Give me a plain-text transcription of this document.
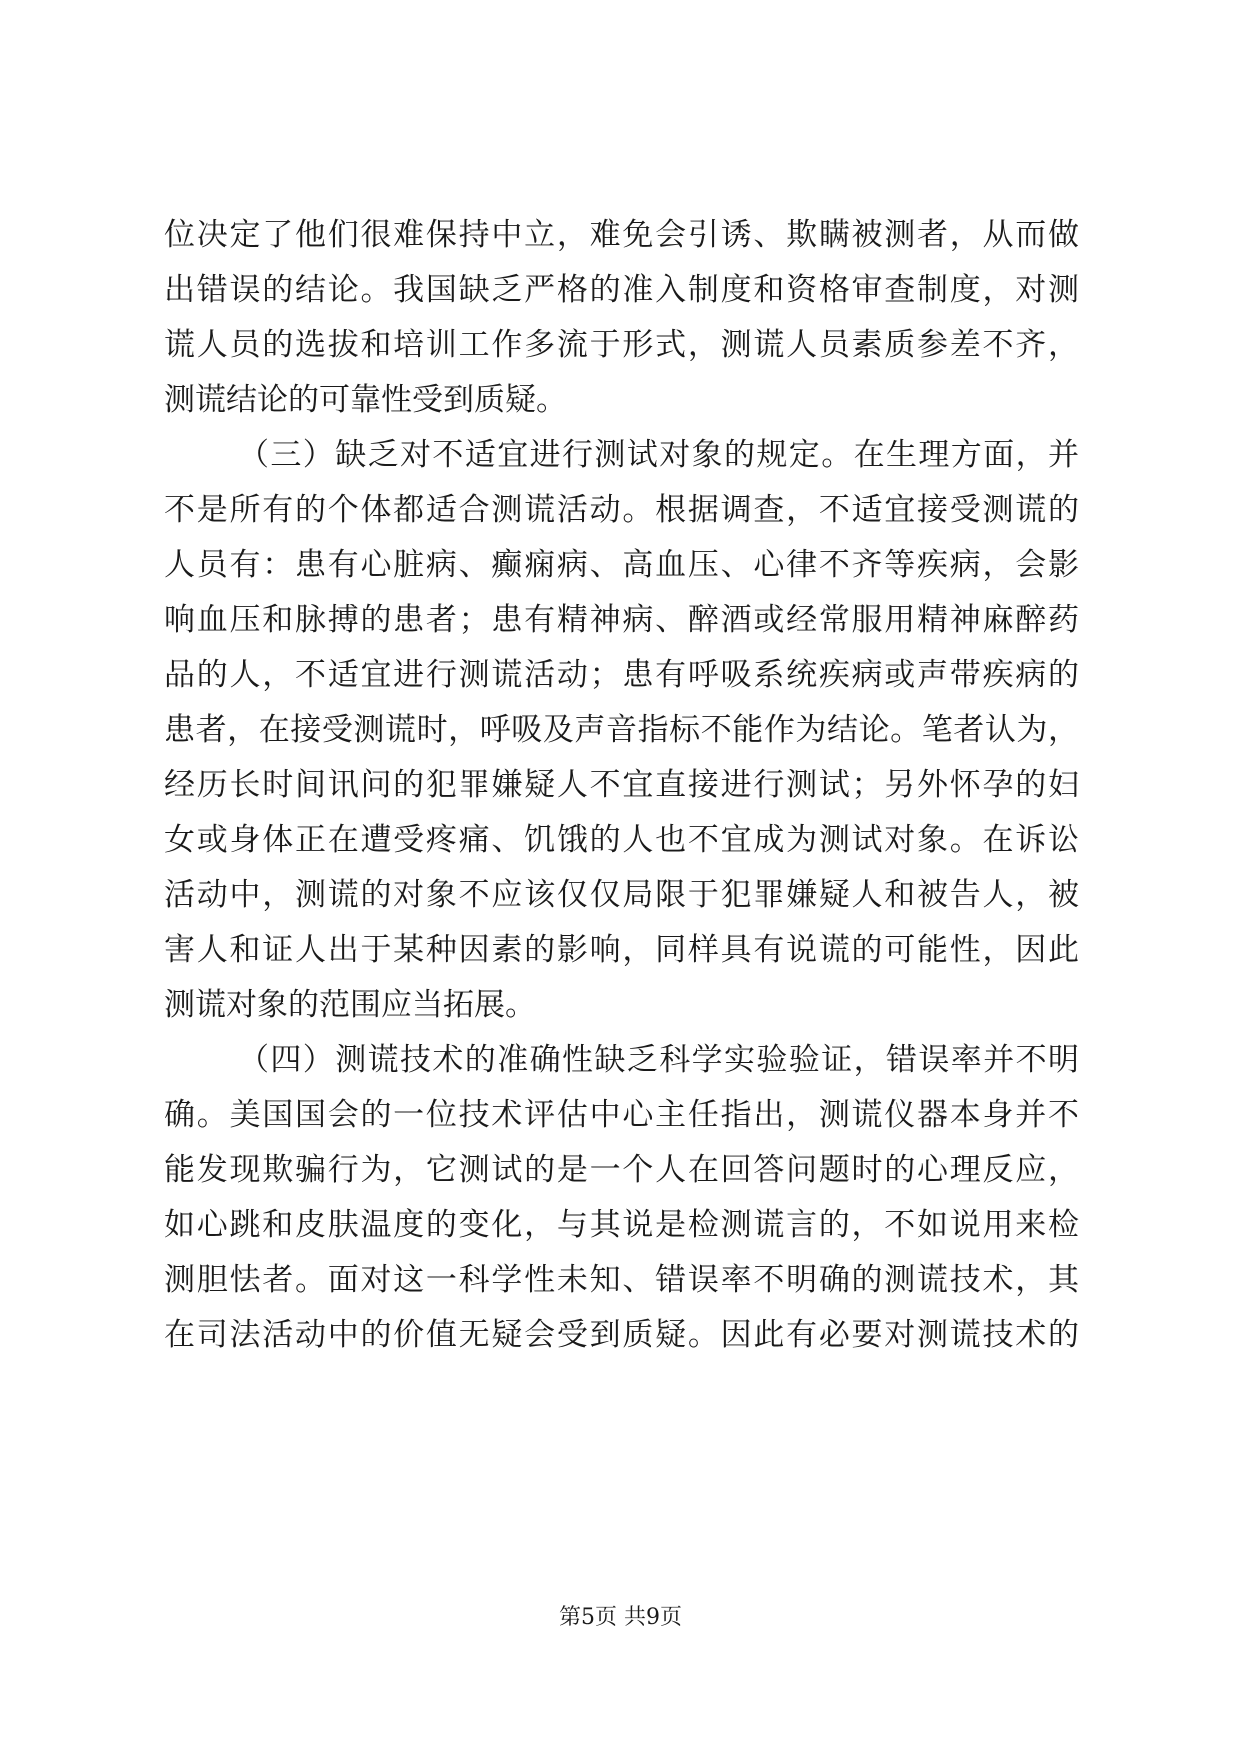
位决定了他们很难保持中立，难免会引诱、欺瞒被测者，从而做
出错误的结论。我国缺乏严格的准入制度和资格审查制度，对测
谎人员的选拔和培训工作多流于形式，测谎人员素质参差不齐，
测谎结论的可靠性受到质疑。
（三）缺乏对不适宜进行测试对象的规定。在生理方面，并
不是所有的个体都适合测谎活动。根据调查，不适宜接受测谎的
人员有：患有心脏病、癫痫病、高血压、心律不齐等疾病，会影
响血压和脉搏的患者；患有精神病、醉酒或经常服用精神麻醉药
品的人，不适宜进行测谎活动；患有呼吸系统疾病或声带疾病的
患者，在接受测谎时，呼吸及声音指标不能作为结论。笔者认为，
经历长时间讯问的犯罪嫌疑人不宜直接进行测试；另外怀孕的妇
女或身体正在遭受疼痛、饥饿的人也不宜成为测试对象。在诉讼
活动中，测谎的对象不应该仅仅局限于犯罪嫌疑人和被告人，被
害人和证人出于某种因素的影响，同样具有说谎的可能性，因此
测谎对象的范围应当拓展。
（四）测谎技术的准确性缺乏科学实验验证，错误率并不明
确。美国国会的一位技术评估中心主任指出，测谎仪器本身并不
能发现欺骗行为，它测试的是一个人在回答问题时的心理反应，
如心跳和皮肤温度的变化，与其说是检测谎言的，不如说用来检
测胆怯者。面对这一科学性未知、错误率不明确的测谎技术，其
在司法活动中的价值无疑会受到质疑。因此有必要对测谎技术的
第5页 共9页
